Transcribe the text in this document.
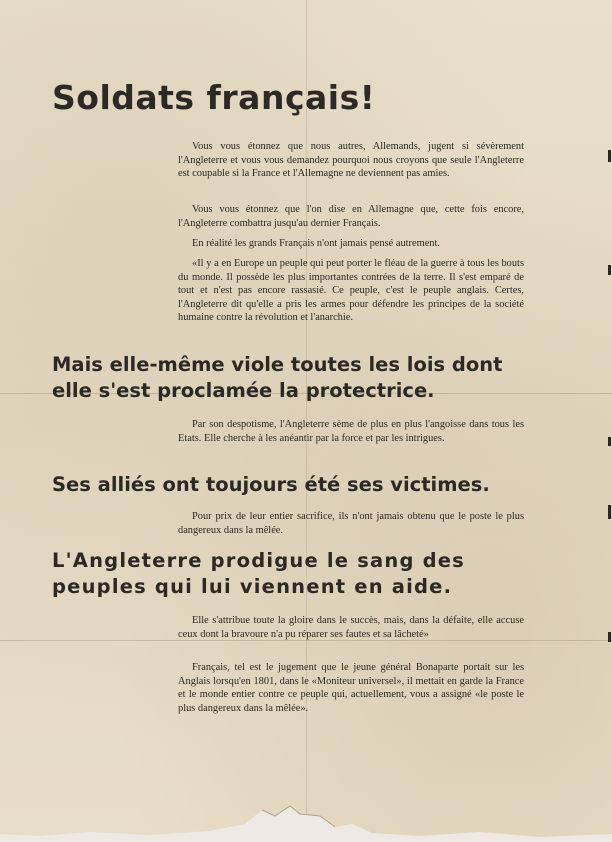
Soldats français!

Vous vous étonnez que nous autres, Allemands, jugent si sévèrement l'Angleterre et vous vous demandez pourquoi nous croyons que seule l'Angleterre est coupable si la France et l'Allemagne ne deviennent pas amies.

Vous vous étonnez que l'on dise en Allemagne que, cette fois encore, l'Angleterre combattra jusqu'au dernier Français.

En réalité les grands Français n'ont jamais pensé autrement.

«Il y a en Europe un peuple qui peut porter le fléau de la guerre à tous les bouts du monde. Il possède les plus importantes contrées de la terre. Il s'est emparé de tout et n'est pas encore rassasié. Ce peuple, c'est le peuple anglais. Certes, l'Angleterre dit qu'elle a pris les armes pour défendre les principes de la société humaine contre la révolution et l'anarchie.

Mais elle-même viole toutes les lois dont elle s'est proclamée la protectrice.

Par son despotisme, l'Angleterre sème de plus en plus l'angoisse dans tous les Etats. Elle cherche à les anéantir par la force et par les intrigues.

Ses alliés ont toujours été ses victimes.

Pour prix de leur entier sacrifice, ils n'ont jamais obtenu que le poste le plus dangereux dans la mêlée.

L'Angleterre prodigue le sang des peuples qui lui viennent en aide.

Elle s'attribue toute la gloire dans le succès, mais, dans la défaite, elle accuse ceux dont la bravoure n'a pu réparer ses fautes et sa lâcheté»

Français, tel est le jugement que le jeune général Bonaparte portait sur les Anglais lorsqu'en 1801, dans le «Moniteur universel», il mettait en garde la France et le monde entier contre ce peuple qui, actuellement, vous a assigné «le poste le plus dangereux dans la mêlée».
